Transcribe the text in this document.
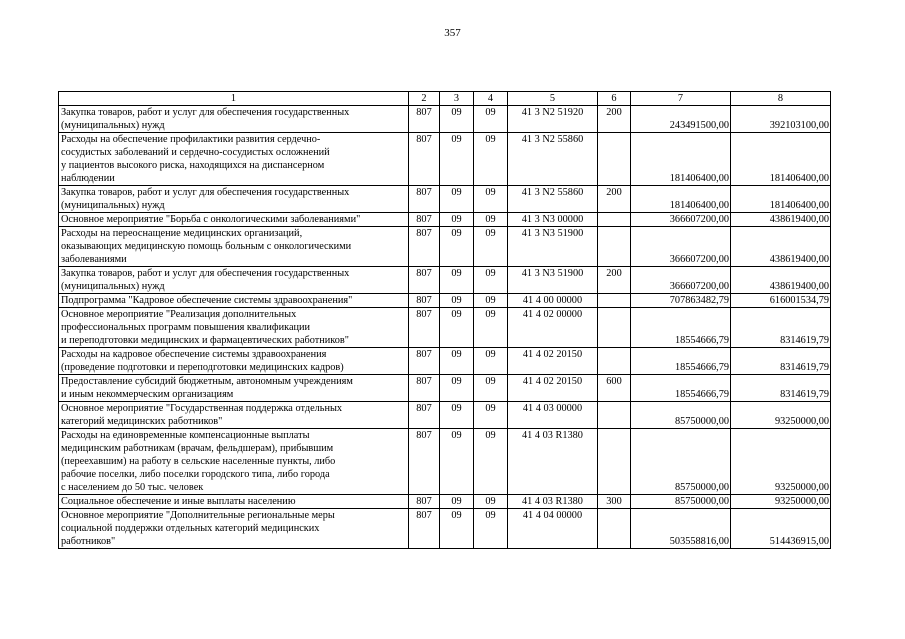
357
1	2	3	4	5	6	7	8
Закупка товаров, работ и услуг для обеспечения государственных
(муниципальных) нужд	807	09	09	41 3 N2 51920	200	243491500,00	392103100,00
Расходы на обеспечение профилактики развития сердечно-
сосудистых заболеваний и сердечно-сосудистых осложнений
у пациентов высокого риска, находящихся на диспансерном
наблюдении	807	09	09	41 3 N2 55860		181406400,00	181406400,00
Закупка товаров, работ и услуг для обеспечения государственных
(муниципальных) нужд	807	09	09	41 3 N2 55860	200	181406400,00	181406400,00
Основное мероприятие "Борьба с онкологическими заболеваниями"	807	09	09	41 3 N3 00000		366607200,00	438619400,00
Расходы на переоснащение медицинских организаций,
оказывающих медицинскую помощь больным с онкологическими
заболеваниями	807	09	09	41 3 N3 51900		366607200,00	438619400,00
Закупка товаров, работ и услуг для обеспечения государственных
(муниципальных) нужд	807	09	09	41 3 N3 51900	200	366607200,00	438619400,00
Подпрограмма "Кадровое обеспечение системы здравоохранения"	807	09	09	41 4 00 00000		707863482,79	616001534,79
Основное мероприятие "Реализация дополнительных
профессиональных программ повышения квалификации
и переподготовки медицинских и фармацевтических работников"	807	09	09	41 4 02 00000		18554666,79	8314619,79
Расходы на кадровое обеспечение системы здравоохранения
(проведение подготовки и переподготовки медицинских кадров)	807	09	09	41 4 02 20150		18554666,79	8314619,79
Предоставление субсидий бюджетным, автономным учреждениям
и иным некоммерческим организациям	807	09	09	41 4 02 20150	600	18554666,79	8314619,79
Основное мероприятие "Государственная поддержка отдельных
категорий медицинских работников"	807	09	09	41 4 03 00000		85750000,00	93250000,00
Расходы на единовременные компенсационные выплаты
медицинским работникам (врачам, фельдшерам), прибывшим
(переехавшим) на работу в сельские населенные пункты, либо
рабочие поселки, либо поселки городского типа, либо города
с населением до 50 тыс. человек	807	09	09	41 4 03 R1380		85750000,00	93250000,00
Социальное обеспечение и иные выплаты населению	807	09	09	41 4 03 R1380	300	85750000,00	93250000,00
Основное мероприятие "Дополнительные региональные меры
социальной поддержки отдельных категорий медицинских
работников"	807	09	09	41 4 04 00000		503558816,00	514436915,00
